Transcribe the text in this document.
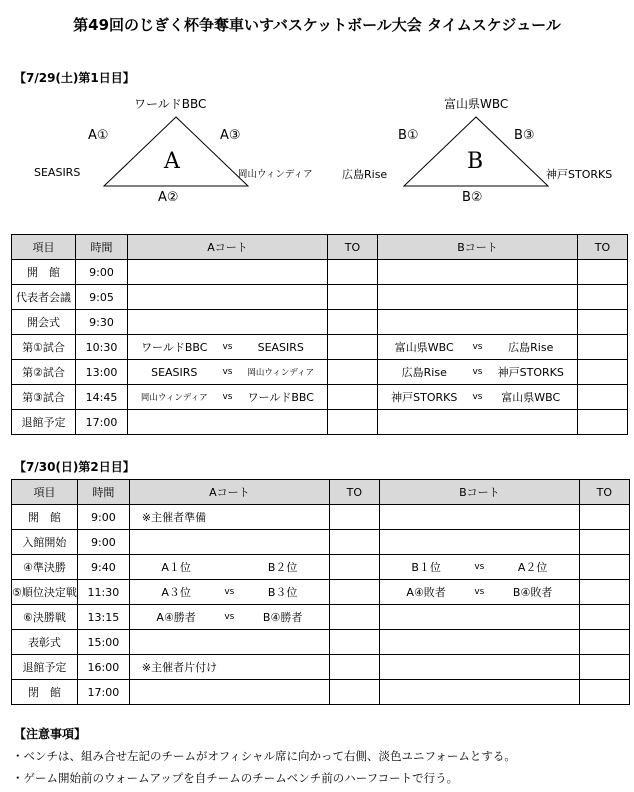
第49回のじぎく杯争奪車いすバスケットボール大会 タイムスケジュール
【7/29(土)第1日目】
ワールドBBC
A①	A③
A
SEASIRS	岡山ウィンディア
A②
富山県WBC
B①	B③
B
広島Rise	神戸STORKS
B②
項目	時間	Aコート	TO	Bコート	TO
開　館	9:00				
代表者会議	9:05				
開会式	9:30				
第①試合	10:30	ワールドBBC vs SEASIRS		富山県WBC vs 広島Rise	

第②試合	13:00	SEASIRS vs 岡山ウィンディア		広島Rise vs 神戸STORKS	

第③試合	14:45	岡山ウィンディア vs ワールドBBC		神戸STORKS vs 富山県WBC	

退館予定	17:00				
【7/30(日)第2日目】
項目	時間	Aコート	TO	Bコート	TO
開　館	9:00	※主催者準備			
入館開始	9:00				
④準決勝	9:40	A１位 B２位		B１位 vs A２位	

⑤順位決定戦	11:30	A３位 vs B３位		A④敗者 vs B④敗者	

⑥決勝戦	13:15	A④勝者 vs B④勝者			

表彰式	15:00				
退館予定	16:00	※主催者片付け			
閉　館	17:00				
【注意事項】
・ベンチは、組み合せ左記のチームがオフィシャル席に向かって右側、淡色ユニフォームとする。
・ゲーム開始前のウォームアップを自チームのチームベンチ前のハーフコートで行う。
